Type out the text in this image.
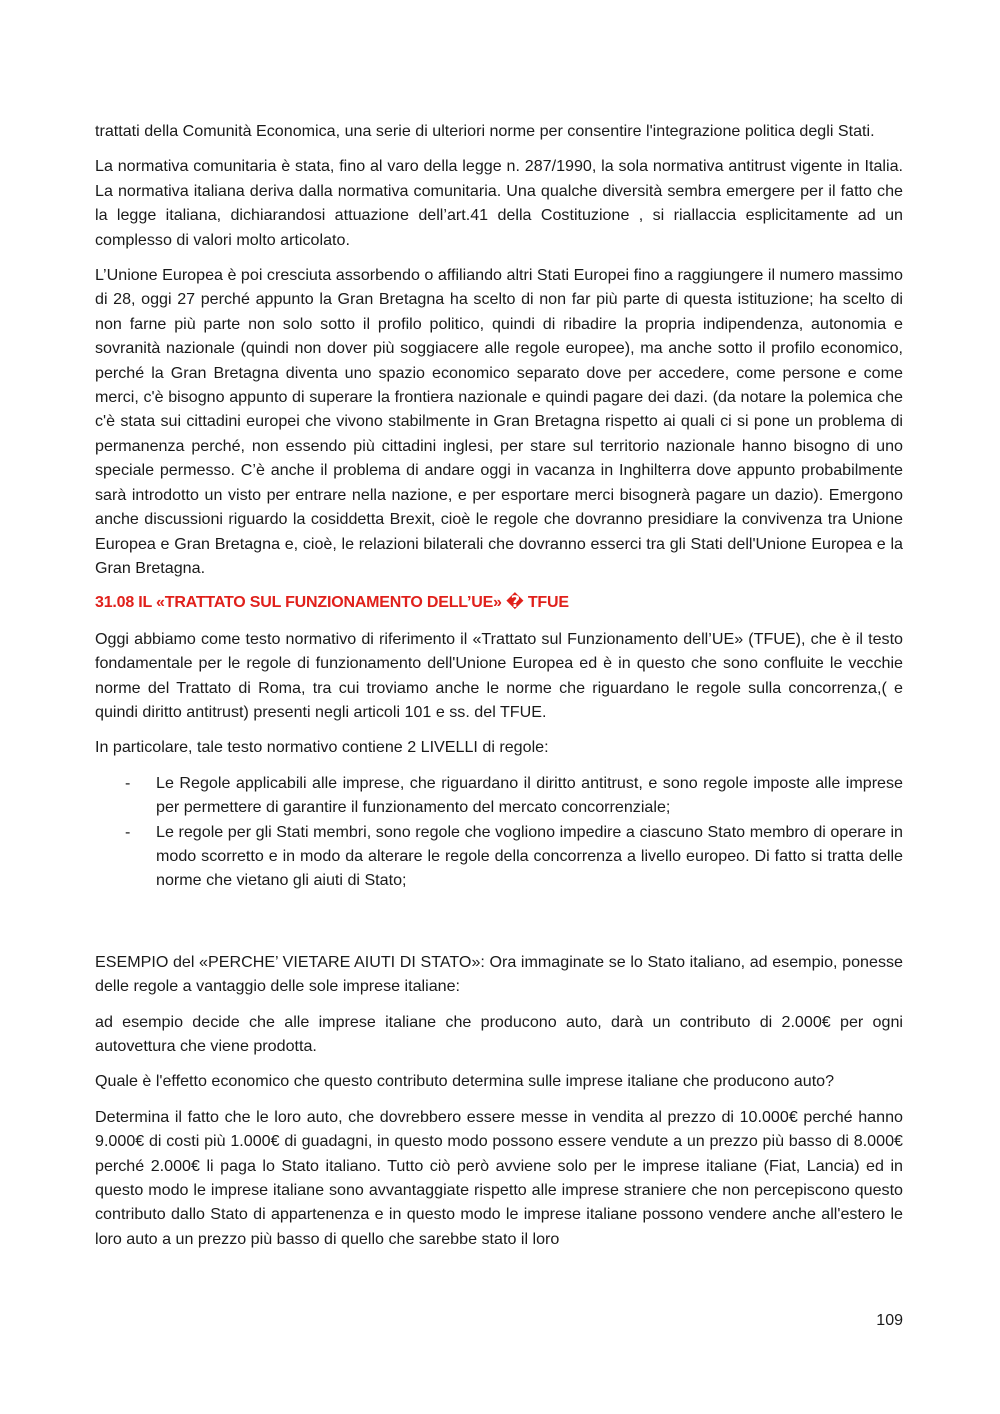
trattati della Comunità Economica, una serie di ulteriori norme per consentire l'integrazione politica degli Stati.

La normativa comunitaria è stata, fino al varo della legge n. 287/1990, la sola normativa antitrust vigente in Italia. La normativa italiana deriva dalla normativa comunitaria. Una qualche diversità sembra emergere per il fatto che la legge italiana, dichiarandosi attuazione dell’art.41 della Costituzione , si riallaccia esplicitamente ad un complesso di valori molto articolato.

L’Unione Europea è poi cresciuta assorbendo o affiliando altri Stati Europei fino a raggiungere il numero massimo di 28, oggi 27 perché appunto la Gran Bretagna ha scelto di non far più parte di questa istituzione; ha scelto di non farne più parte non solo sotto il profilo politico, quindi di ribadire la propria indipendenza, autonomia e sovranità nazionale (quindi non dover più soggiacere alle regole europee), ma anche sotto il profilo economico, perché la Gran Bretagna diventa uno spazio economico separato dove per accedere, come persone e come merci, c'è bisogno appunto di superare la frontiera nazionale e quindi pagare dei dazi. (da notare la polemica che c'è stata sui cittadini europei che vivono stabilmente in Gran Bretagna rispetto ai quali ci si pone un problema di permanenza perché, non essendo più cittadini inglesi, per stare sul territorio nazionale hanno bisogno di uno speciale permesso. C’è anche il problema di andare oggi in vacanza in Inghilterra dove appunto probabilmente sarà introdotto un visto per entrare nella nazione, e per esportare merci bisognerà pagare un dazio). Emergono anche discussioni riguardo la cosiddetta Brexit, cioè le regole che dovranno presidiare la convivenza tra Unione Europea e Gran Bretagna e, cioè, le relazioni bilaterali che dovranno esserci tra gli Stati dell'Unione Europea e la Gran Bretagna.

31.08 IL «TRATTATO SUL FUNZIONAMENTO DELL’UE» � TFUE

Oggi abbiamo come testo normativo di riferimento il «Trattato sul Funzionamento dell’UE» (TFUE), che è il testo fondamentale per le regole di funzionamento dell'Unione Europea ed è in questo che sono confluite le vecchie norme del Trattato di Roma, tra cui troviamo anche le norme che riguardano le regole sulla concorrenza,( e quindi diritto antitrust) presenti negli articoli 101 e ss. del TFUE.

In particolare, tale testo normativo contiene 2 LIVELLI di regole:

- Le Regole applicabili alle imprese, che riguardano il diritto antitrust, e sono regole imposte alle imprese per permettere di garantire il funzionamento del mercato concorrenziale;
- Le regole per gli Stati membri, sono regole che vogliono impedire a ciascuno Stato membro di operare in modo scorretto e in modo da alterare le regole della concorrenza a livello europeo. Di fatto si tratta delle norme che vietano gli aiuti di Stato;

ESEMPIO del «PERCHE’ VIETARE AIUTI DI STATO»: Ora immaginate se lo Stato italiano, ad esempio, ponesse delle regole a vantaggio delle sole imprese italiane:

ad esempio decide che alle imprese italiane che producono auto, darà un contributo di 2.000€ per ogni autovettura che viene prodotta.

Quale è l'effetto economico che questo contributo determina sulle imprese italiane che producono auto?

Determina il fatto che le loro auto, che dovrebbero essere messe in vendita al prezzo di 10.000€ perché hanno 9.000€ di costi più 1.000€ di guadagni, in questo modo possono essere vendute a un prezzo più basso di 8.000€ perché 2.000€ li paga lo Stato italiano. Tutto ciò però avviene solo per le imprese italiane (Fiat, Lancia) ed in questo modo le imprese italiane sono avvantaggiate rispetto alle imprese straniere che non percepiscono questo contributo dallo Stato di appartenenza e in questo modo le imprese italiane possono vendere anche all'estero le loro auto a un prezzo più basso di quello che sarebbe stato il loro

109
